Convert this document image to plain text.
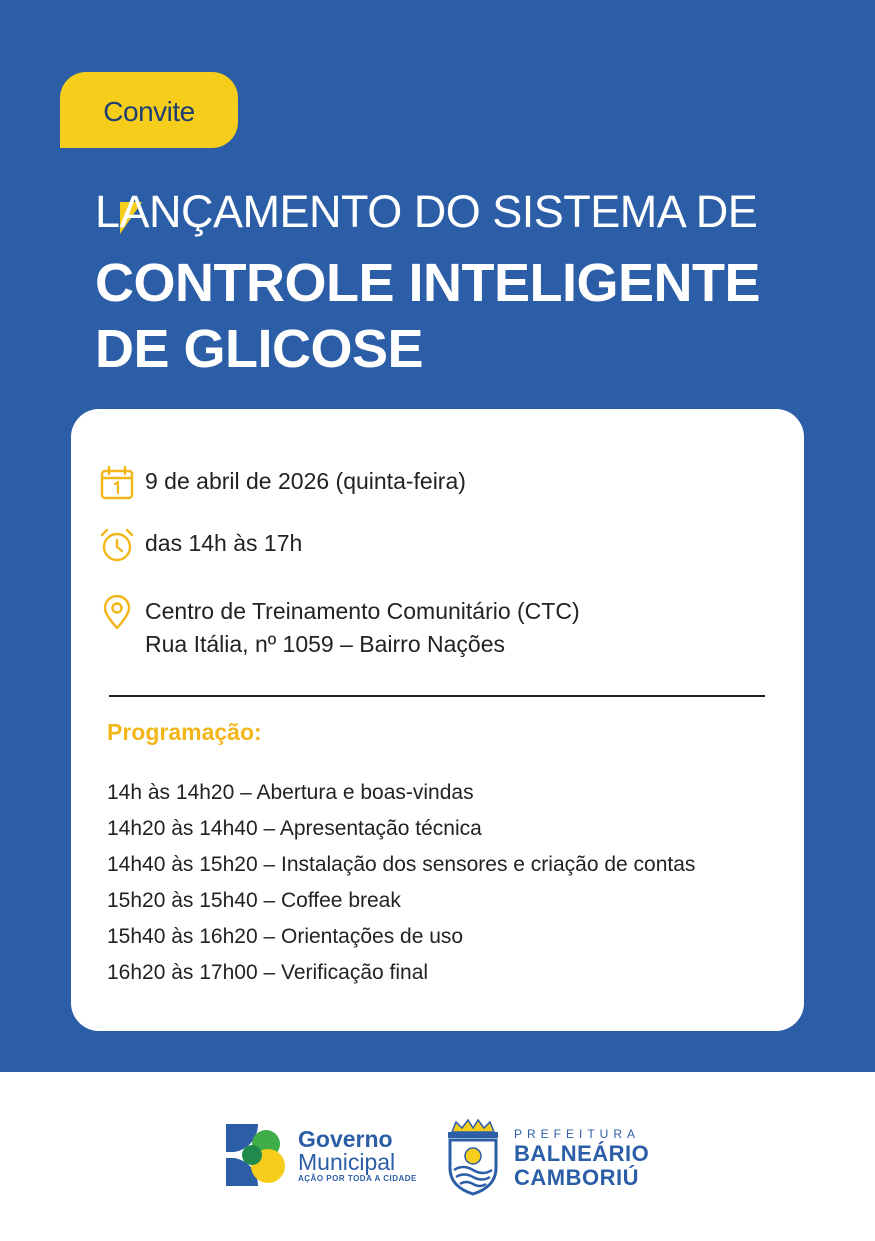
Convite
LANÇAMENTO DO SISTEMA DE
CONTROLE INTELIGENTE
DE GLICOSE
9 de abril de 2026 (quinta-feira)
das 14h às 17h
Centro de Treinamento Comunitário (CTC)
Rua Itália, nº 1059 – Bairro Nações
Programação:
14h às 14h20 – Abertura e boas-vindas
14h20 às 14h40 – Apresentação técnica
14h40 às 15h20 – Instalação dos sensores e criação de contas
15h20 às 15h40 – Coffee break
15h40 às 16h20 – Orientações de uso
16h20 às 17h00 – Verificação final
Governo
Municipal
AÇÃO POR TODA A CIDADE
PREFEITURA
BALNEÁRIO
CAMBORIÚ
